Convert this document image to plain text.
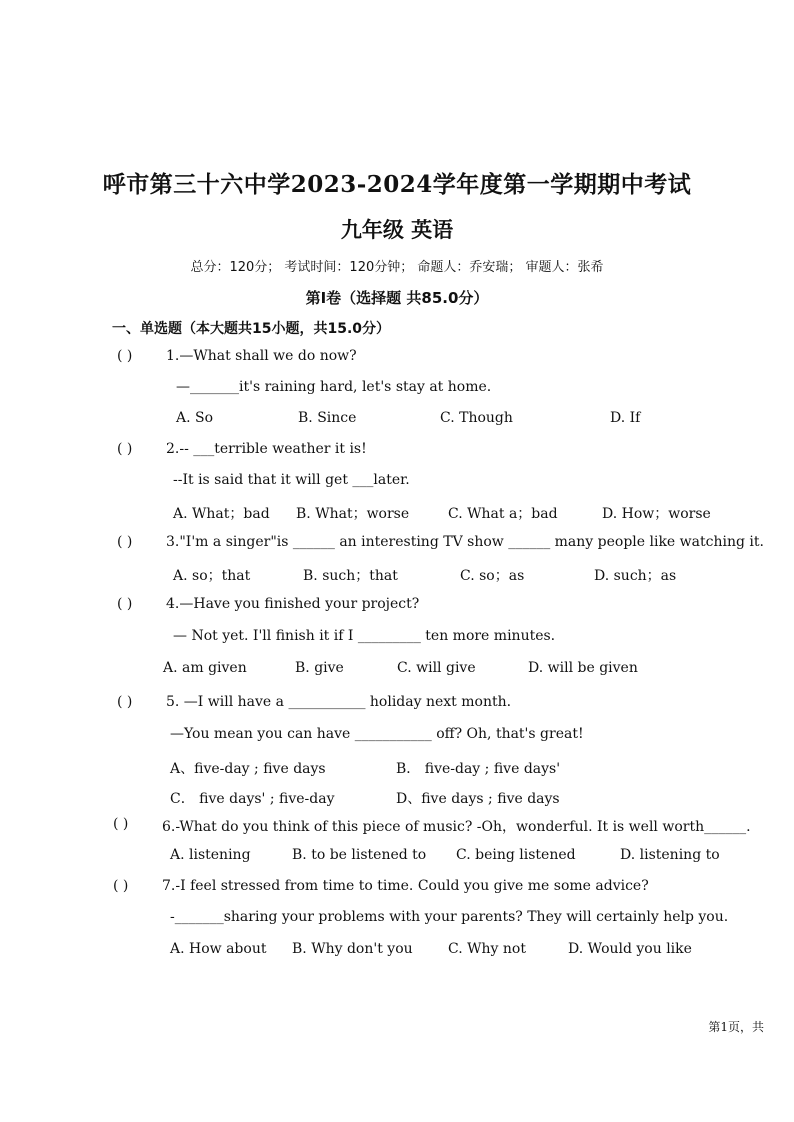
呼市第三十六中学2023-2024学年度第一学期期中考试
九年级 英语
总分：120分； 考试时间：120分钟； 命题人：乔安瑞； 审题人：张希
第Ⅰ卷（选择题 共85.0分）
一、单选题（本大题共15小题，共15.0分）
( ) 1.—What shall we do now?
—_______it's raining hard, let's stay at home.
A. So	B. Since	C. Though	D. If
( ) 2.-- ___terrible weather it is!
--It is said that it will get ___later.
A. What；bad B. What；worse	C. What a；bad	D. How；worse
( ) 3."I'm a singer"is ______ an interesting TV show ______ many people like watching it.
A. so；that	B. such；that	C. so；as	D. such；as
( ) 4.—Have you finished your project?
— Not yet. I'll finish it if I _________ ten more minutes.
A. am given	B. give	C. will give	D. will be given
( ) 5. —I will have a ___________ holiday next month.
—You mean you can have ___________ off? Oh, that's great!
A、five-day ; five days	B． five-day ; five days'
C． five days' ; five-day	D、five days ; five days
( ) 6.-What do you think of this piece of music? -Oh，wonderful. It is well worth______.
A. listening	B. to be listened to C. being listened	D. listening to
( ) 7.-I feel stressed from time to time. Could you give me some advice?
-_______sharing your problems with your parents? They will certainly help you.
A. How about B. Why don't you	C. Why not	D. Would you like
第1页，共
